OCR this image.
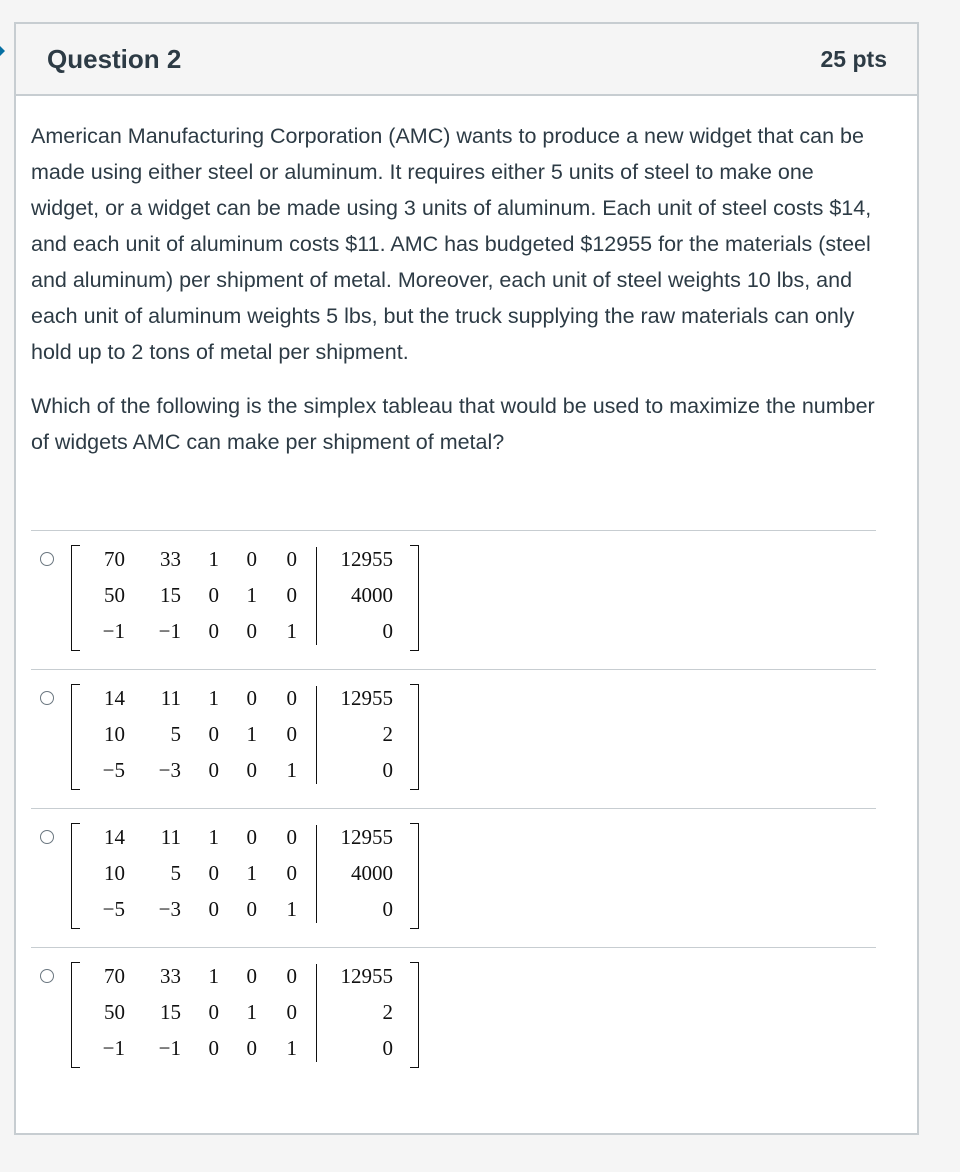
Question 2	25 pts

American Manufacturing Corporation (AMC) wants to produce a new widget that can be made using either steel or aluminum. It requires either 5 units of steel to make one widget, or a widget can be made using 3 units of aluminum. Each unit of steel costs $14, and each unit of aluminum costs $11. AMC has budgeted $12955 for the materials (steel and aluminum) per shipment of metal. Moreover, each unit of steel weights 10 lbs, and each unit of aluminum weights 5 lbs, but the truck supplying the raw materials can only hold up to 2 tons of metal per shipment.

Which of the following is the simplex tableau that would be used to maximize the number of widgets AMC can make per shipment of metal?

70	33	1	0	0	12955
50	15	0	1	0	4000
−1	−1	0	0	1	0
14	11	1	0	0	12955
10	5	0	1	0	2
−5	−3	0	0	1	0
14	11	1	0	0	12955
10	5	0	1	0	4000
−5	−3	0	0	1	0
70	33	1	0	0	12955
50	15	0	1	0	2
−1	−1	0	0	1	0
